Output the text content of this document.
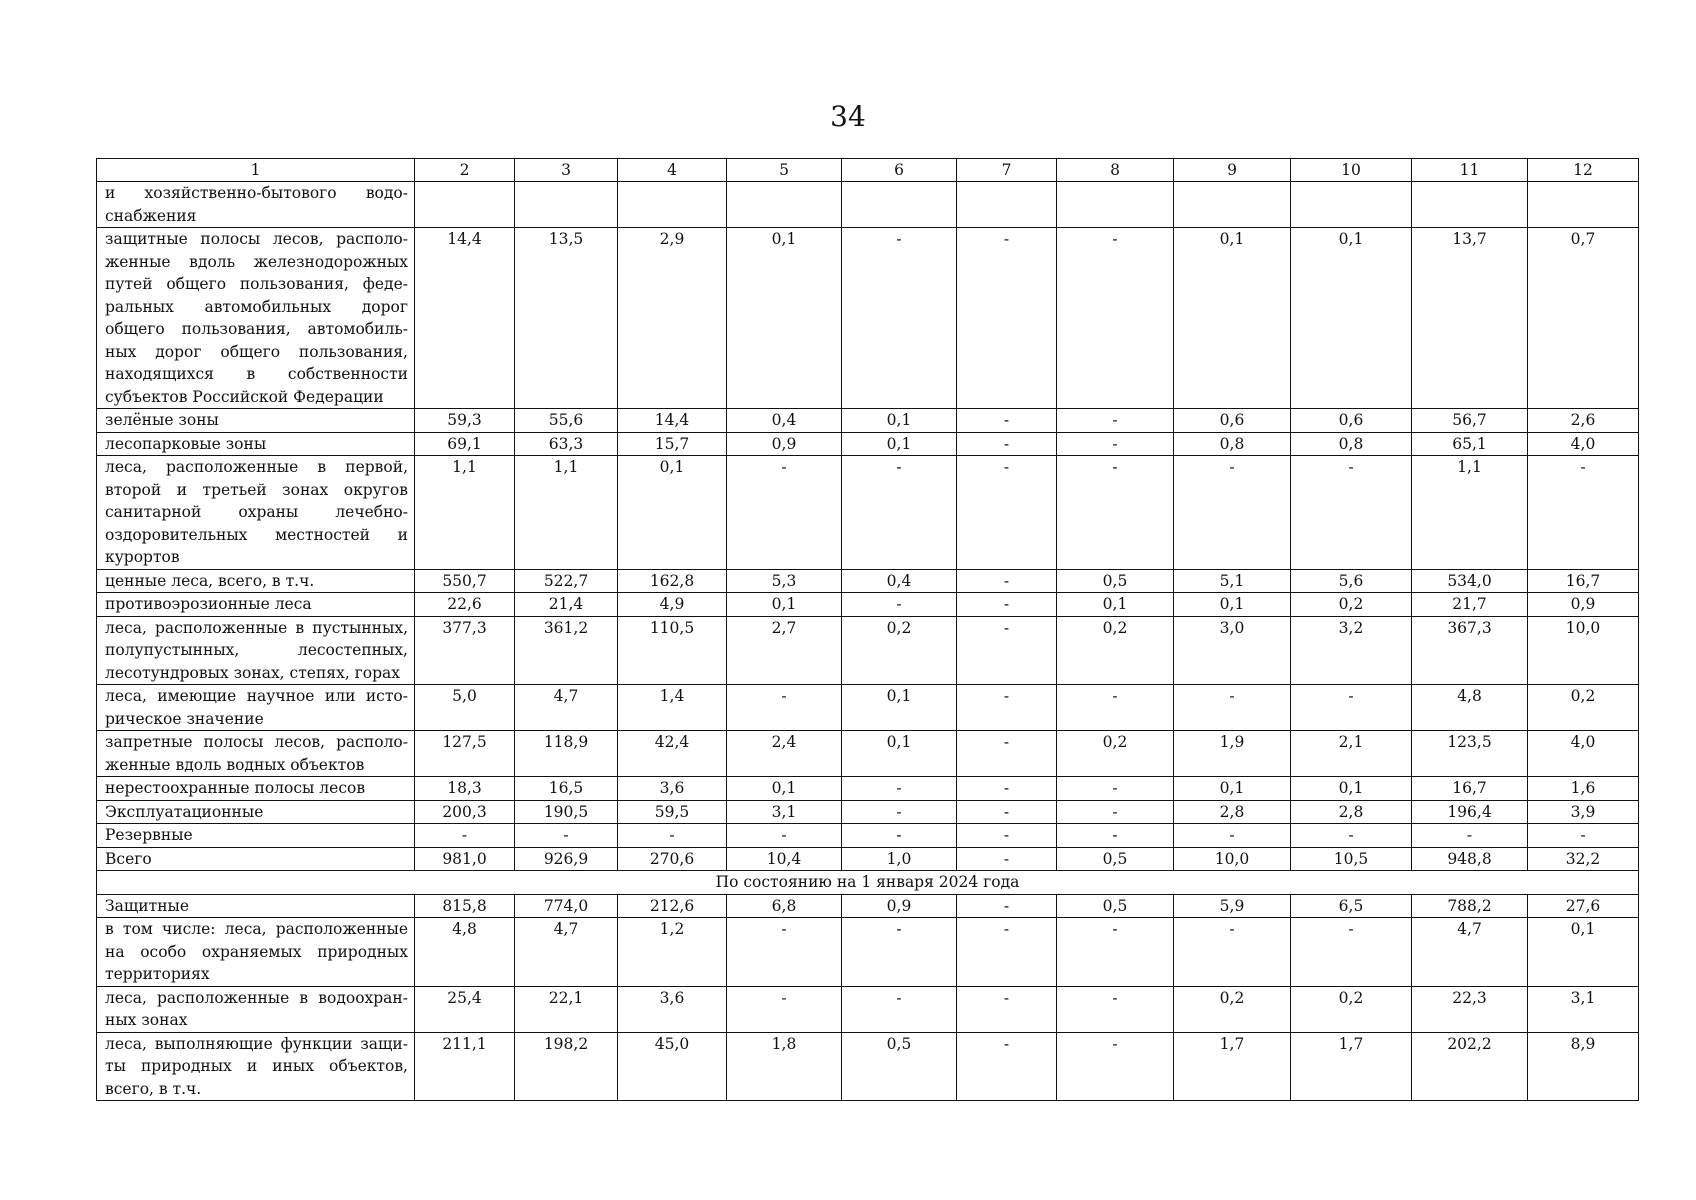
34
1	2	3	4	5	6	7	8	9	10	11	12
и хозяйственно-бытового водо-снабжения											
защитные полосы лесов, располо-женные вдоль железнодорожных путей общего пользования, феде-ральных автомобильных дорог общего пользования, автомобиль-ных дорог общего пользования, находящихся в собственности субъектов Российской Федерации	14,4	13,5	2,9	0,1	-	-	-	0,1	0,1	13,7	0,7
зелёные зоны	59,3	55,6	14,4	0,4	0,1	-	-	0,6	0,6	56,7	2,6
лесопарковые зоны	69,1	63,3	15,7	0,9	0,1	-	-	0,8	0,8	65,1	4,0
леса, расположенные в первой, второй и третьей зонах округов санитарной охраны лечебно-оздоровительных местностей и курортов	1,1	1,1	0,1	-	-	-	-	-	-	1,1	-
ценные леса, всего, в т.ч.	550,7	522,7	162,8	5,3	0,4	-	0,5	5,1	5,6	534,0	16,7
противоэрозионные леса	22,6	21,4	4,9	0,1	-	-	0,1	0,1	0,2	21,7	0,9
леса, расположенные в пустынных, полупустынных, лесостепных, лесотундровых зонах, степях, горах	377,3	361,2	110,5	2,7	0,2	-	0,2	3,0	3,2	367,3	10,0
леса, имеющие научное или исто-рическое значение	5,0	4,7	1,4	-	0,1	-	-	-	-	4,8	0,2
запретные полосы лесов, располо-женные вдоль водных объектов	127,5	118,9	42,4	2,4	0,1	-	0,2	1,9	2,1	123,5	4,0
нерестоохранные полосы лесов	18,3	16,5	3,6	0,1	-	-	-	0,1	0,1	16,7	1,6
Эксплуатационные	200,3	190,5	59,5	3,1	-	-	-	2,8	2,8	196,4	3,9
Резервные	-	-	-	-	-	-	-	-	-	-	-
Всего	981,0	926,9	270,6	10,4	1,0	-	0,5	10,0	10,5	948,8	32,2
По состоянию на 1 января 2024 года											
Защитные	815,8	774,0	212,6	6,8	0,9	-	0,5	5,9	6,5	788,2	27,6
в том числе: леса, расположенные на особо охраняемых природных территориях	4,8	4,7	1,2	-	-	-	-	-	-	4,7	0,1
леса, расположенные в водоохран-ных зонах	25,4	22,1	3,6	-	-	-	-	0,2	0,2	22,3	3,1
леса, выполняющие функции защи-ты природных и иных объектов, всего, в т.ч.	211,1	198,2	45,0	1,8	0,5	-	-	1,7	1,7	202,2	8,9
